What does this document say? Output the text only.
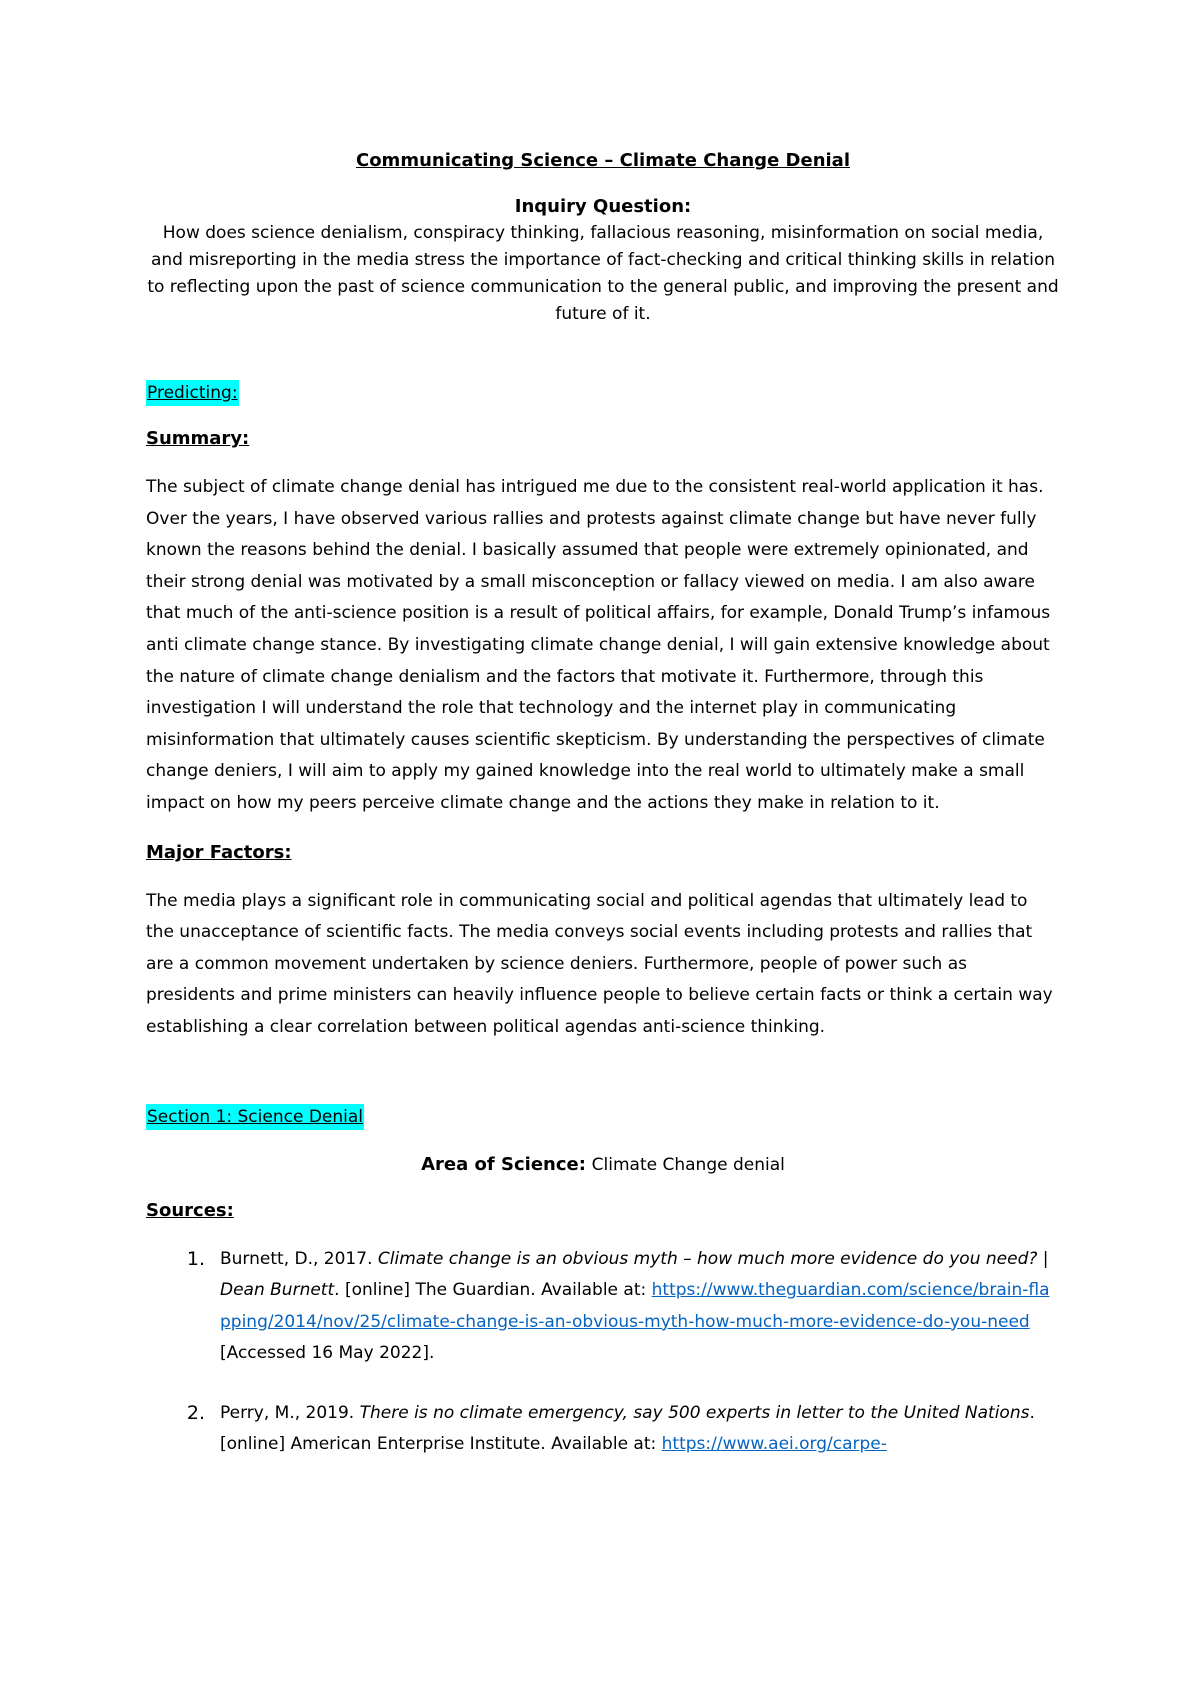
Communicating Science – Climate Change Denial

Inquiry Question:

How does science denialism, conspiracy thinking, fallacious reasoning, misinformation on social media, and misreporting in the media stress the importance of fact-checking and critical thinking skills in relation to reflecting upon the past of science communication to the general public, and improving the present and future of it.

Predicting:

Summary:

The subject of climate change denial has intrigued me due to the consistent real-world application it has. Over the years, I have observed various rallies and protests against climate change but have never fully known the reasons behind the denial. I basically assumed that people were extremely opinionated, and their strong denial was motivated by a small misconception or fallacy viewed on media. I am also aware that much of the anti-science position is a result of political affairs, for example, Donald Trump’s infamous anti climate change stance. By investigating climate change denial, I will gain extensive knowledge about the nature of climate change denialism and the factors that motivate it. Furthermore, through this investigation I will understand the role that technology and the internet play in communicating misinformation that ultimately causes scientific skepticism. By understanding the perspectives of climate change deniers, I will aim to apply my gained knowledge into the real world to ultimately make a small impact on how my peers perceive climate change and the actions they make in relation to it.

Major Factors:

The media plays a significant role in communicating social and political agendas that ultimately lead to the unacceptance of scientific facts. The media conveys social events including protests and rallies that are a common movement undertaken by science deniers. Furthermore, people of power such as presidents and prime ministers can heavily influence people to believe certain facts or think a certain way establishing a clear correlation between political agendas anti-science thinking.

Section 1: Science Denial

Area of Science: Climate Change denial

Sources:

1. Burnett, D., 2017. Climate change is an obvious myth – how much more evidence do you need? | Dean Burnett. [online] The Guardian. Available at: https://www.theguardian.com/science/brain-flapping/2014/nov/25/climate-change-is-an-obvious-myth-how-much-more-evidence-do-you-need [Accessed 16 May 2022].
2. Perry, M., 2019. There is no climate emergency, say 500 experts in letter to the United Nations. [online] American Enterprise Institute. Available at: https://www.aei.org/carpe-
